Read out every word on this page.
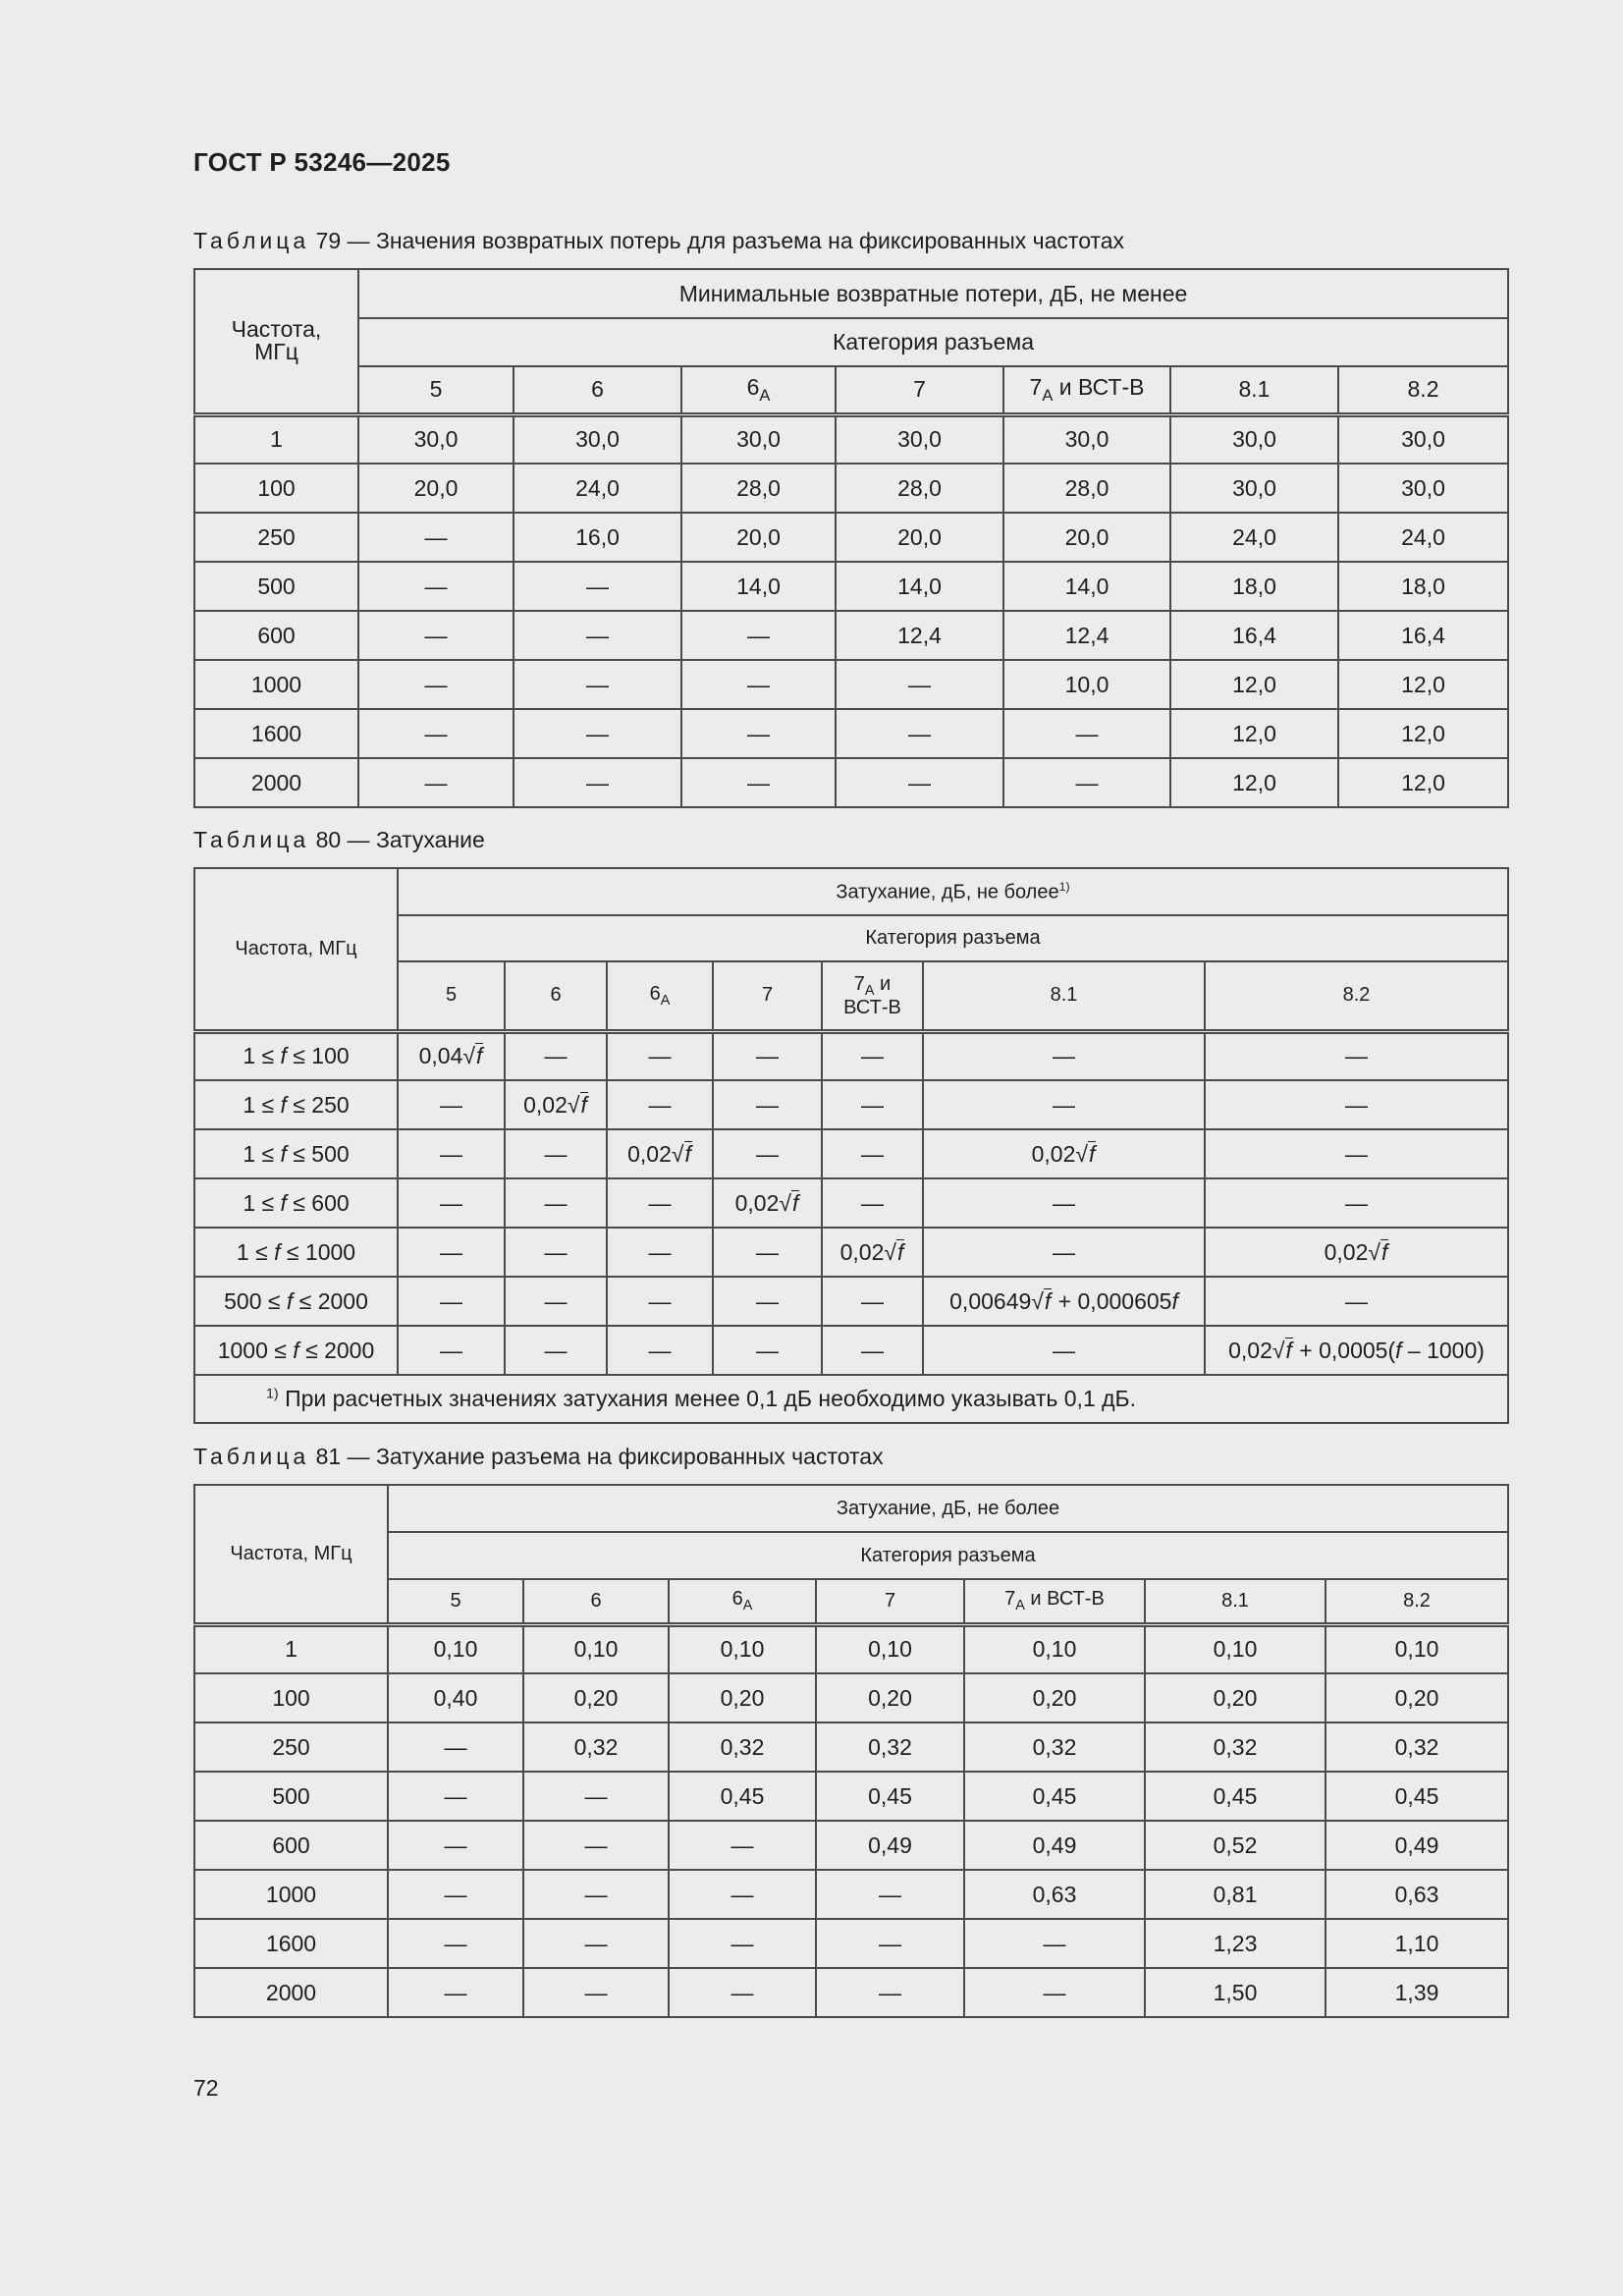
ГОСТ Р 53246—2025
Таблица 79 — Значения возвратных потерь для разъема на фиксированных частотах
Частота,
МГц	Минимальные возвратные потери, дБ, не менее						
	Категория разъема						
	5	6	$6_A$	7	$7_A$ и ВСТ-В	8.1	8.2
1	30,0	30,0	30,0	30,0	30,0	30,0	30,0
100	20,0	24,0	28,0	28,0	28,0	30,0	30,0
250	—	16,0	20,0	20,0	20,0	24,0	24,0
500	—	—	14,0	14,0	14,0	18,0	18,0
600	—	—	—	12,4	12,4	16,4	16,4
1000	—	—	—	—	10,0	12,0	12,0
1600	—	—	—	—	—	12,0	12,0
2000	—	—	—	—	—	12,0	12,0
Таблица 80 — Затухание
Частота, МГц	Затухание, дБ, не более$^{1)}$
	Категория разъема						
	5	6	$6_A$	7	$7_A$ и
ВСТ-В	8.1	8.2
1 ≤ f ≤ 100	0,04√f	—	—	—	—	—	—
1 ≤ f ≤ 250	—	0,02√f	—	—	—	—	—
1 ≤ f ≤ 500	—	—	0,02√f	—	—	0,02√f	—
1 ≤ f ≤ 600	—	—	—	0,02√f	—	—	—
1 ≤ f ≤ 1000	—	—	—	—	0,02√f	—	0,02√f
500 ≤ f ≤ 2000	—	—	—	—	—	0,00649√f + 0,000605f	—
1000 ≤ f ≤ 2000	—	—	—	—	—	—	0,02√f + 0,0005(f – 1000)
$^{1)}$ При расчетных значениях затухания менее 0,1 дБ необходимо указывать 0,1 дБ.							
Таблица 81 — Затухание разъема на фиксированных частотах
Частота, МГц	Затухание, дБ, не более						
	Категория разъема						
	5	6	$6_A$	7	$7_A$ и ВСТ-В	8.1	8.2
1	0,10	0,10	0,10	0,10	0,10	0,10	0,10
100	0,40	0,20	0,20	0,20	0,20	0,20	0,20
250	—	0,32	0,32	0,32	0,32	0,32	0,32
500	—	—	0,45	0,45	0,45	0,45	0,45
600	—	—	—	0,49	0,49	0,52	0,49
1000	—	—	—	—	0,63	0,81	0,63
1600	—	—	—	—	—	1,23	1,10
2000	—	—	—	—	—	1,50	1,39
72
